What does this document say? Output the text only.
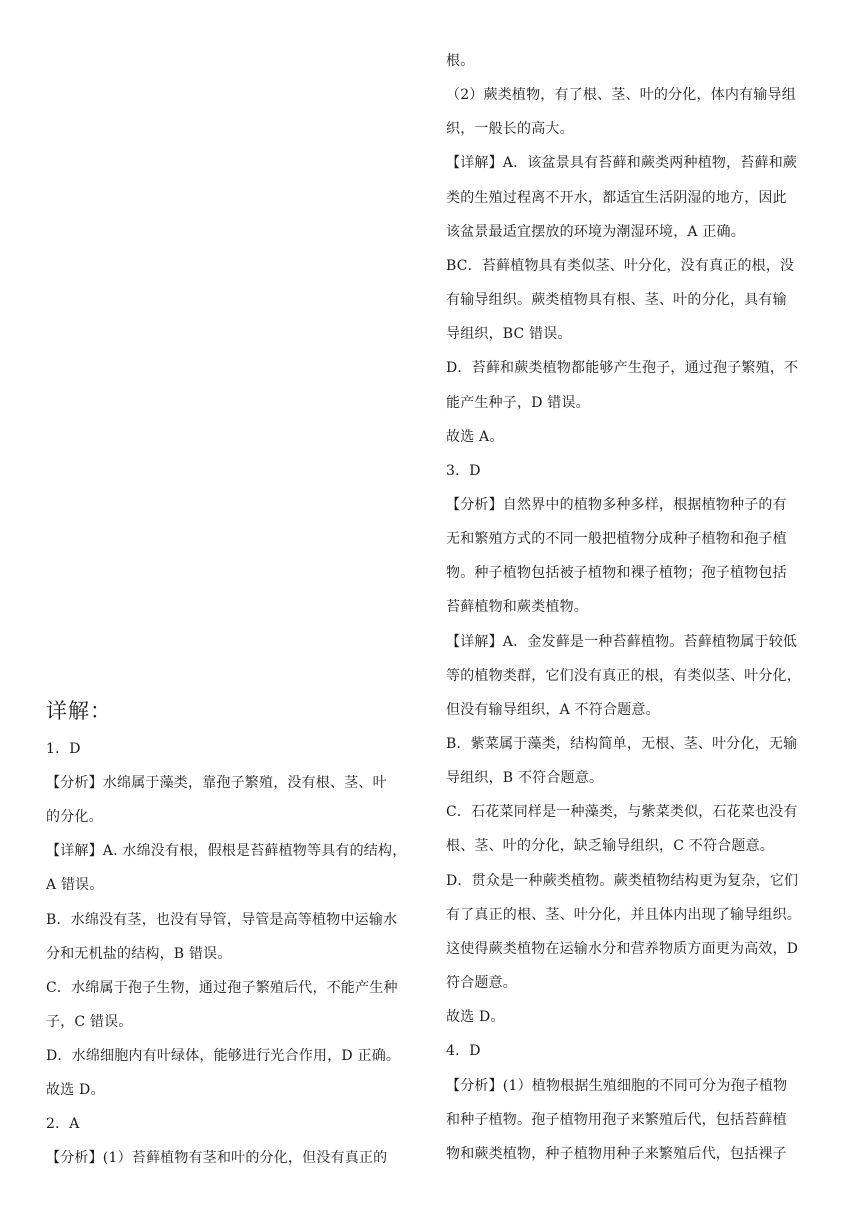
详解：
1．D
【分析】水绵属于藻类，靠孢子繁殖，没有根、茎、叶
的分化。
【详解】A. 水绵没有根，假根是苔藓植物等具有的结构，
A 错误。
B．水绵没有茎，也没有导管，导管是高等植物中运输水
分和无机盐的结构，B 错误。
C．水绵属于孢子生物，通过孢子繁殖后代，不能产生种
子，C 错误。
D．水绵细胞内有叶绿体，能够进行光合作用，D 正确。
故选 D。
2．A
【分析】(1）苔藓植物有茎和叶的分化，但没有真正的
根。
（2）蕨类植物，有了根、茎、叶的分化，体内有输导组
织，一般长的高大。
【详解】A．该盆景具有苔藓和蕨类两种植物，苔藓和蕨
类的生殖过程离不开水，都适宜生活阴湿的地方，因此
该盆景最适宜摆放的环境为潮湿环境，A 正确。
BC．苔藓植物具有类似茎、叶分化，没有真正的根，没
有输导组织。蕨类植物具有根、茎、叶的分化，具有输
导组织，BC 错误。
D．苔藓和蕨类植物都能够产生孢子，通过孢子繁殖，不
能产生种子，D 错误。
故选 A。
3．D
【分析】自然界中的植物多种多样，根据植物种子的有
无和繁殖方式的不同一般把植物分成种子植物和孢子植
物。种子植物包括被子植物和裸子植物；孢子植物包括
苔藓植物和蕨类植物。
【详解】A．金发藓是一种苔藓植物。苔藓植物属于较低
等的植物类群，它们没有真正的根，有类似茎、叶分化，
但没有输导组织，A 不符合题意。
B．紫菜属于藻类，结构简单，无根、茎、叶分化，无输
导组织，B 不符合题意。
C．石花菜同样是一种藻类，与紫菜类似，石花菜也没有
根、茎、叶的分化，缺乏输导组织，C 不符合题意。
D．贯众是一种蕨类植物。蕨类植物结构更为复杂，它们
有了真正的根、茎、叶分化，并且体内出现了输导组织。
这使得蕨类植物在运输水分和营养物质方面更为高效，D
符合题意。
故选 D。
4．D
【分析】(1）植物根据生殖细胞的不同可分为孢子植物
和种子植物。孢子植物用孢子来繁殖后代，包括苔藓植
物和蕨类植物，种子植物用种子来繁殖后代，包括裸子
